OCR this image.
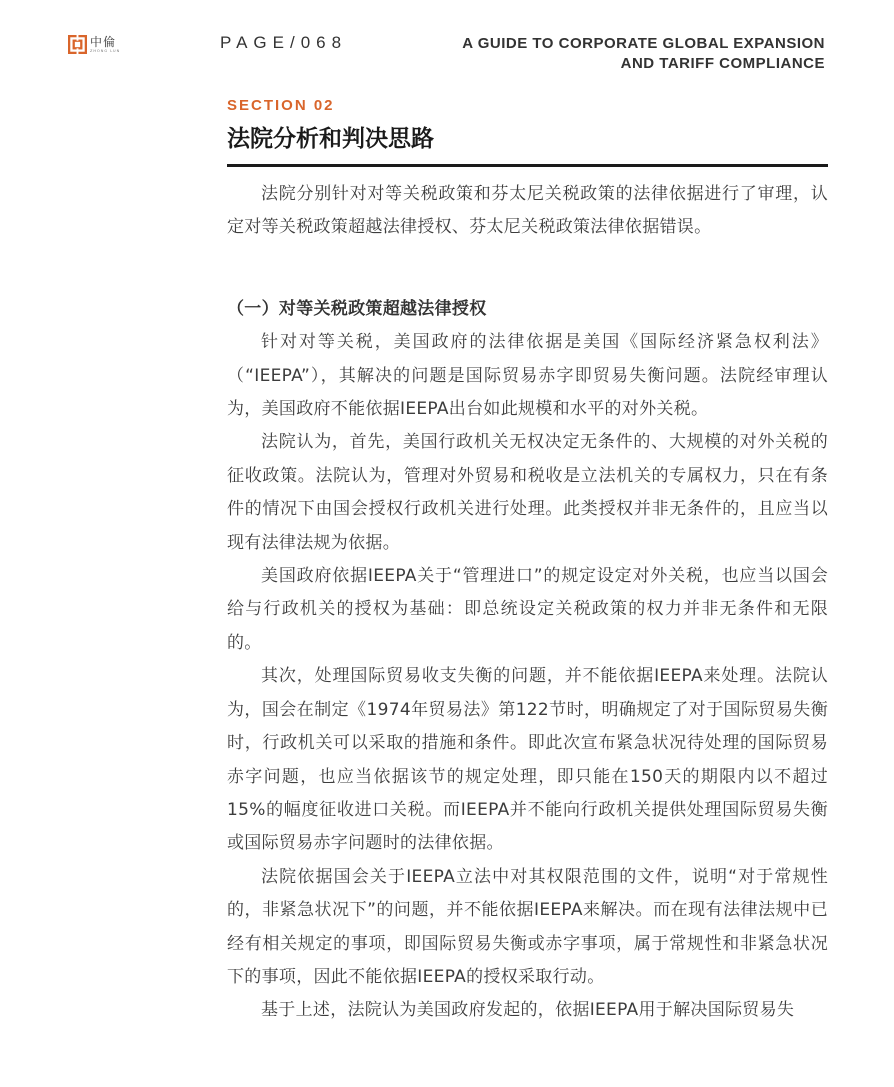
中倫
ZHONG LUN	PAGE/068	A GUIDE TO CORPORATE GLOBAL EXPANSION
AND TARIFF COMPLIANCE
SECTION 02
法院分析和判决思路

法院分别针对对等关税政策和芬太尼关税政策的法律依据进行了审理，认定对等关税政策超越法律授权、芬太尼关税政策法律依据错误。

（一）对等关税政策超越法律授权

针对对等关税，美国政府的法律依据是美国《国际经济紧急权利法》（“IEEPA”），其解决的问题是国际贸易赤字即贸易失衡问题。法院经审理认为，美国政府不能依据IEEPA出台如此规模和水平的对外关税。

法院认为，首先，美国行政机关无权决定无条件的、大规模的对外关税的征收政策。法院认为，管理对外贸易和税收是立法机关的专属权力，只在有条件的情况下由国会授权行政机关进行处理。此类授权并非无条件的，且应当以现有法律法规为依据。

美国政府依据IEEPA关于“管理进口”的规定设定对外关税，也应当以国会给与行政机关的授权为基础：即总统设定关税政策的权力并非无条件和无限的。

其次，处理国际贸易收支失衡的问题，并不能依据IEEPA来处理。法院认为，国会在制定《1974年贸易法》第122节时，明确规定了对于国际贸易失衡时，行政机关可以采取的措施和条件。即此次宣布紧急状况待处理的国际贸易赤字问题，也应当依据该节的规定处理，即只能在150天的期限内以不超过15%的幅度征收进口关税。而IEEPA并不能向行政机关提供处理国际贸易失衡或国际贸易赤字问题时的法律依据。

法院依据国会关于IEEPA立法中对其权限范围的文件，说明“对于常规性的，非紧急状况下”的问题，并不能依据IEEPA来解决。而在现有法律法规中已经有相关规定的事项，即国际贸易失衡或赤字事项，属于常规性和非紧急状况下的事项，因此不能依据IEEPA的授权采取行动。

基于上述，法院认为美国政府发起的，依据IEEPA用于解决国际贸易失
